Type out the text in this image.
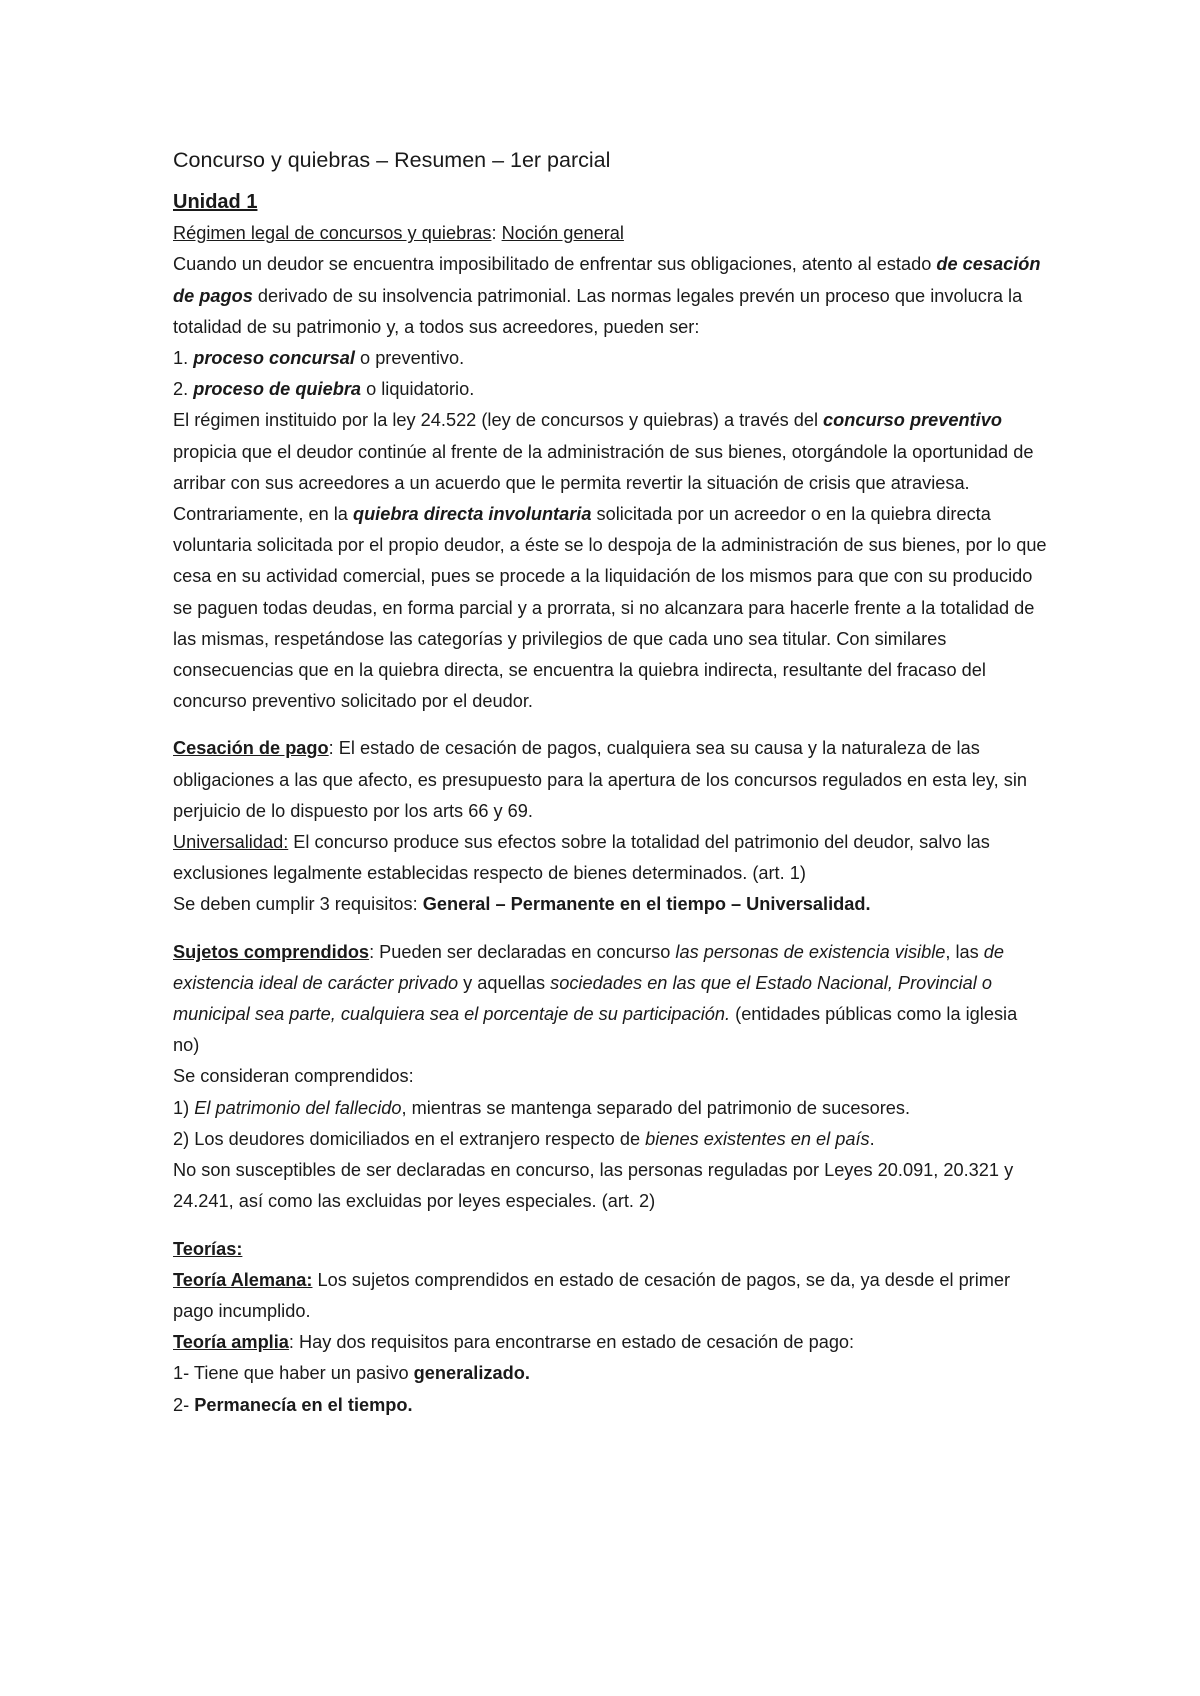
Concurso y quiebras – Resumen – 1er parcial

Unidad 1

Régimen legal de concursos y quiebras: Noción general

Cuando un deudor se encuentra imposibilitado de enfrentar sus obligaciones, atento al estado de cesación de pagos derivado de su insolvencia patrimonial. Las normas legales prevén un proceso que involucra la totalidad de su patrimonio y, a todos sus acreedores, pueden ser:

1. proceso concursal o preventivo.

2. proceso de quiebra o liquidatorio.

El régimen instituido por la ley 24.522 (ley de concursos y quiebras) a través del concurso preventivo propicia que el deudor continúe al frente de la administración de sus bienes, otorgándole la oportunidad de arribar con sus acreedores a un acuerdo que le permita revertir la situación de crisis que atraviesa.

Contrariamente, en la quiebra directa involuntaria solicitada por un acreedor o en la quiebra directa voluntaria solicitada por el propio deudor, a éste se lo despoja de la administración de sus bienes, por lo que cesa en su actividad comercial, pues se procede a la liquidación de los mismos para que con su producido se paguen todas deudas, en forma parcial y a prorrata, si no alcanzara para hacerle frente a la totalidad de las mismas, respetándose las categorías y privilegios de que cada uno sea titular. Con similares consecuencias que en la quiebra directa, se encuentra la quiebra indirecta, resultante del fracaso del concurso preventivo solicitado por el deudor.

Cesación de pago: El estado de cesación de pagos, cualquiera sea su causa y la naturaleza de las obligaciones a las que afecto, es presupuesto para la apertura de los concursos regulados en esta ley, sin perjuicio de lo dispuesto por los arts 66 y 69.

Universalidad: El concurso produce sus efectos sobre la totalidad del patrimonio del deudor, salvo las exclusiones legalmente establecidas respecto de bienes determinados. (art. 1)

Se deben cumplir 3 requisitos: General – Permanente en el tiempo – Universalidad.

Sujetos comprendidos: Pueden ser declaradas en concurso las personas de existencia visible, las de existencia ideal de carácter privado y aquellas sociedades en las que el Estado Nacional, Provincial o municipal sea parte, cualquiera sea el porcentaje de su participación. (entidades públicas como la iglesia no)

Se consideran comprendidos:

1) El patrimonio del fallecido, mientras se mantenga separado del patrimonio de sucesores.

2) Los deudores domiciliados en el extranjero respecto de bienes existentes en el país.

No son susceptibles de ser declaradas en concurso, las personas reguladas por Leyes 20.091, 20.321 y 24.241, así como las excluidas por leyes especiales. (art. 2)

Teorías:

Teoría Alemana: Los sujetos comprendidos en estado de cesación de pagos, se da, ya desde el primer pago incumplido.

Teoría amplia: Hay dos requisitos para encontrarse en estado de cesación de pago:

1- Tiene que haber un pasivo generalizado.

2- Permanecía en el tiempo.
